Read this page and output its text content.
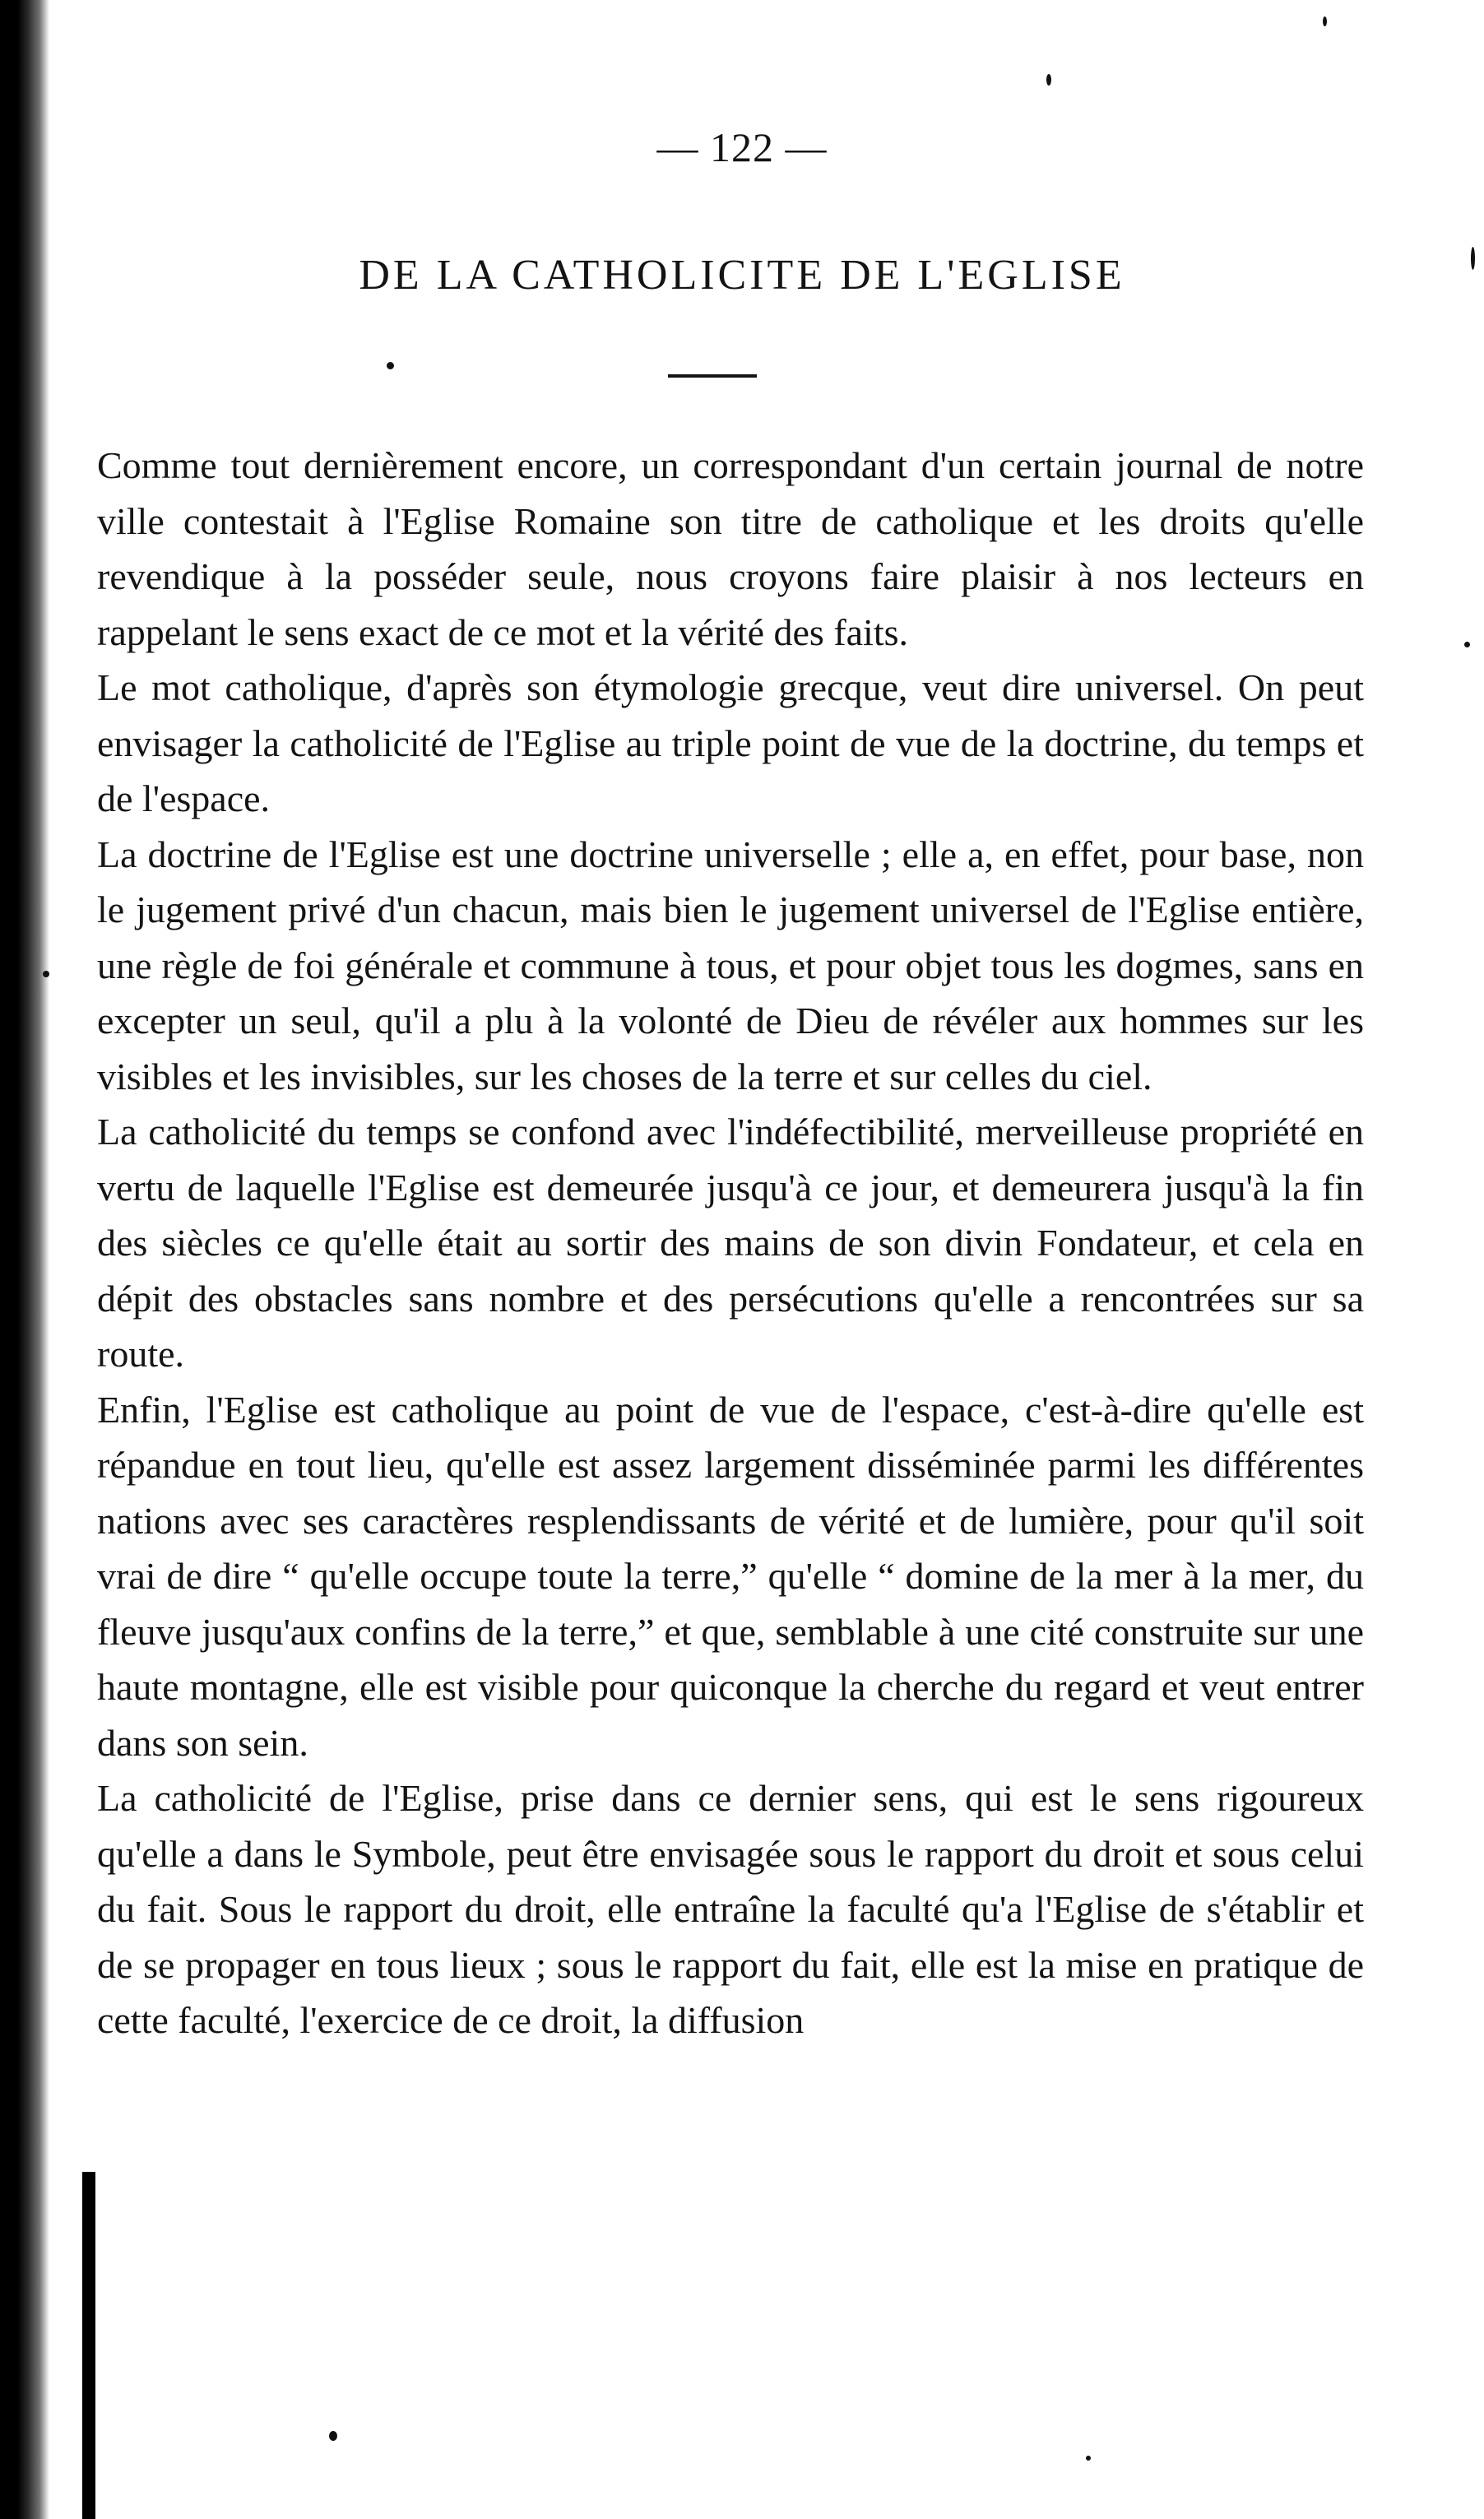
— 122 —
DE LA CATHOLICITE DE L'EGLISE

Comme tout dernièrement encore, un correspondant d'un certain journal de notre ville contestait à l'Eglise Romaine son titre de catholique et les droits qu'elle revendique à la posséder seule, nous croyons faire plaisir à nos lecteurs en rappelant le sens exact de ce mot et la vérité des faits.

Le mot catholique, d'après son étymologie grecque, veut dire universel. On peut envisager la catholicité de l'Eglise au triple point de vue de la doctrine, du temps et de l'espace.

La doctrine de l'Eglise est une doctrine universelle ; elle a, en effet, pour base, non le jugement privé d'un chacun, mais bien le jugement universel de l'Eglise entière, une règle de foi générale et commune à tous, et pour objet tous les dogmes, sans en excepter un seul, qu'il a plu à la volonté de Dieu de révéler aux hommes sur les visibles et les invisibles, sur les choses de la terre et sur celles du ciel.

La catholicité du temps se confond avec l'indéfectibilité, merveilleuse propriété en vertu de laquelle l'Eglise est demeurée jusqu'à ce jour, et demeurera jusqu'à la fin des siècles ce qu'elle était au sortir des mains de son divin Fondateur, et cela en dépit des obstacles sans nombre et des persécutions qu'elle a rencontrées sur sa route.

Enfin, l'Eglise est catholique au point de vue de l'espace, c'est-à-dire qu'elle est répandue en tout lieu, qu'elle est assez largement disséminée parmi les différentes nations avec ses caractères resplendissants de vérité et de lumière, pour qu'il soit vrai de dire “ qu'elle occupe toute la terre,” qu'elle “ domine de la mer à la mer, du fleuve jusqu'aux confins de la terre,” et que, semblable à une cité construite sur une haute montagne, elle est visible pour quiconque la cherche du regard et veut entrer dans son sein.

La catholicité de l'Eglise, prise dans ce dernier sens, qui est le sens rigoureux qu'elle a dans le Symbole, peut être envisagée sous le rapport du droit et sous celui du fait. Sous le rapport du droit, elle entraîne la faculté qu'a l'Eglise de s'établir et de se propager en tous lieux ; sous le rapport du fait, elle est la mise en pratique de cette faculté, l'exercice de ce droit, la diffusion
